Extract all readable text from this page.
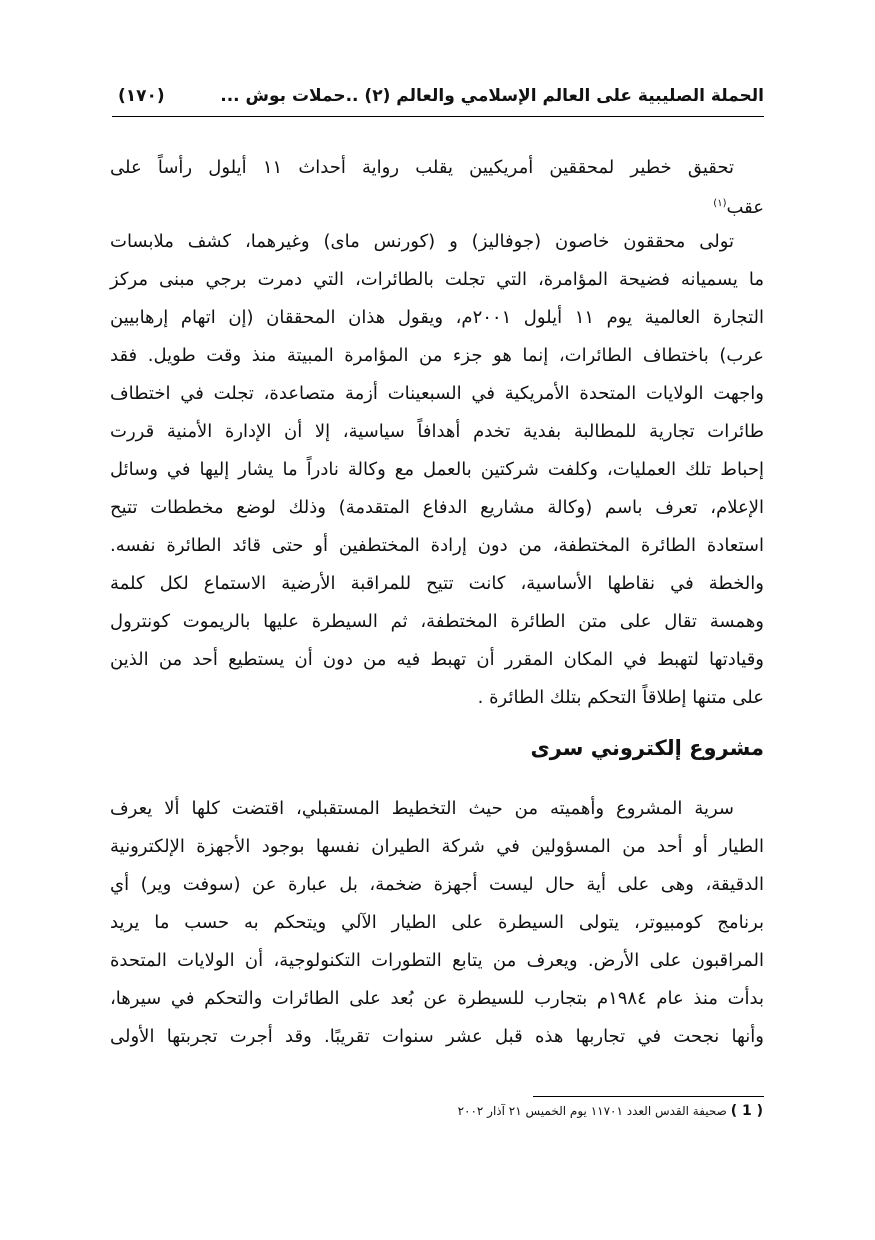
الحملة الصليبية على العالم الإسلامي والعالم (٢) ..حملات بوش ...
(١٧٠)
تحقيق خطير لمحققين أمريكيين يقلب رواية أحداث ١١ أيلول رأساً على
عقب$^{(١)}$
تولى محققون خاصون (جوفاليز) و (كورنس ماى) وغيرهما، كشف ملابسات
ما يسميانه فضيحة المؤامرة، التي تجلت بالطائرات، التي دمرت برجي مبنى مركز
التجارة العالمية يوم ١١ أيلول ٢٠٠١م، ويقول هذان المحققان (إن اتهام إرهابيين
عرب) باختطاف الطائرات، إنما هو جزء من المؤامرة المبيتة منذ وقت طويل. فقد
واجهت الولايات المتحدة الأمريكية في السبعينات أزمة متصاعدة، تجلت في اختطاف
طائرات تجارية للمطالبة بفدية تخدم أهدافاً سياسية، إلا أن الإدارة الأمنية قررت
إحباط تلك العمليات، وكلفت شركتين بالعمل مع وكالة نادراً ما يشار إليها في وسائل
الإعلام، تعرف باسم (وكالة مشاريع الدفاع المتقدمة) وذلك لوضع مخططات تتيح
استعادة الطائرة المختطفة، من دون إرادة المختطفين أو حتى قائد الطائرة نفسه.
والخطة في نقاطها الأساسية، كانت تتيح للمراقبة الأرضية الاستماع لكل كلمة
وهمسة تقال على متن الطائرة المختطفة، ثم السيطرة عليها بالريموت كونترول
وقيادتها لتهبط في المكان المقرر أن تهبط فيه من دون أن يستطيع أحد من الذين
على متنها إطلاقاً التحكم بتلك الطائرة .
مشروع إلكتروني سرى
سرية المشروع وأهميته من حيث التخطيط المستقبلي، اقتضت كلها ألا يعرف
الطيار أو أحد من المسؤولين في شركة الطيران نفسها بوجود الأجهزة الإلكترونية
الدقيقة، وهى على أية حال ليست أجهزة ضخمة، بل عبارة عن (سوفت وير) أي
برنامج كومبيوتر، يتولى السيطرة على الطيار الآلي ويتحكم به حسب ما يريد
المراقبون على الأرض. ويعرف من يتابع التطورات التكنولوجية، أن الولايات المتحدة
بدأت منذ عام ١٩٨٤م بتجارب للسيطرة عن بُعد على الطائرات والتحكم في سيرها،
وأنها نجحت في تجاربها هذه قبل عشر سنوات تقريبًا. وقد أجرت تجربتها الأولى
( 1 ) صحيفة القدس العدد ١١٧٠١ يوم الخميس ٢١ آذار ٢٠٠٢
